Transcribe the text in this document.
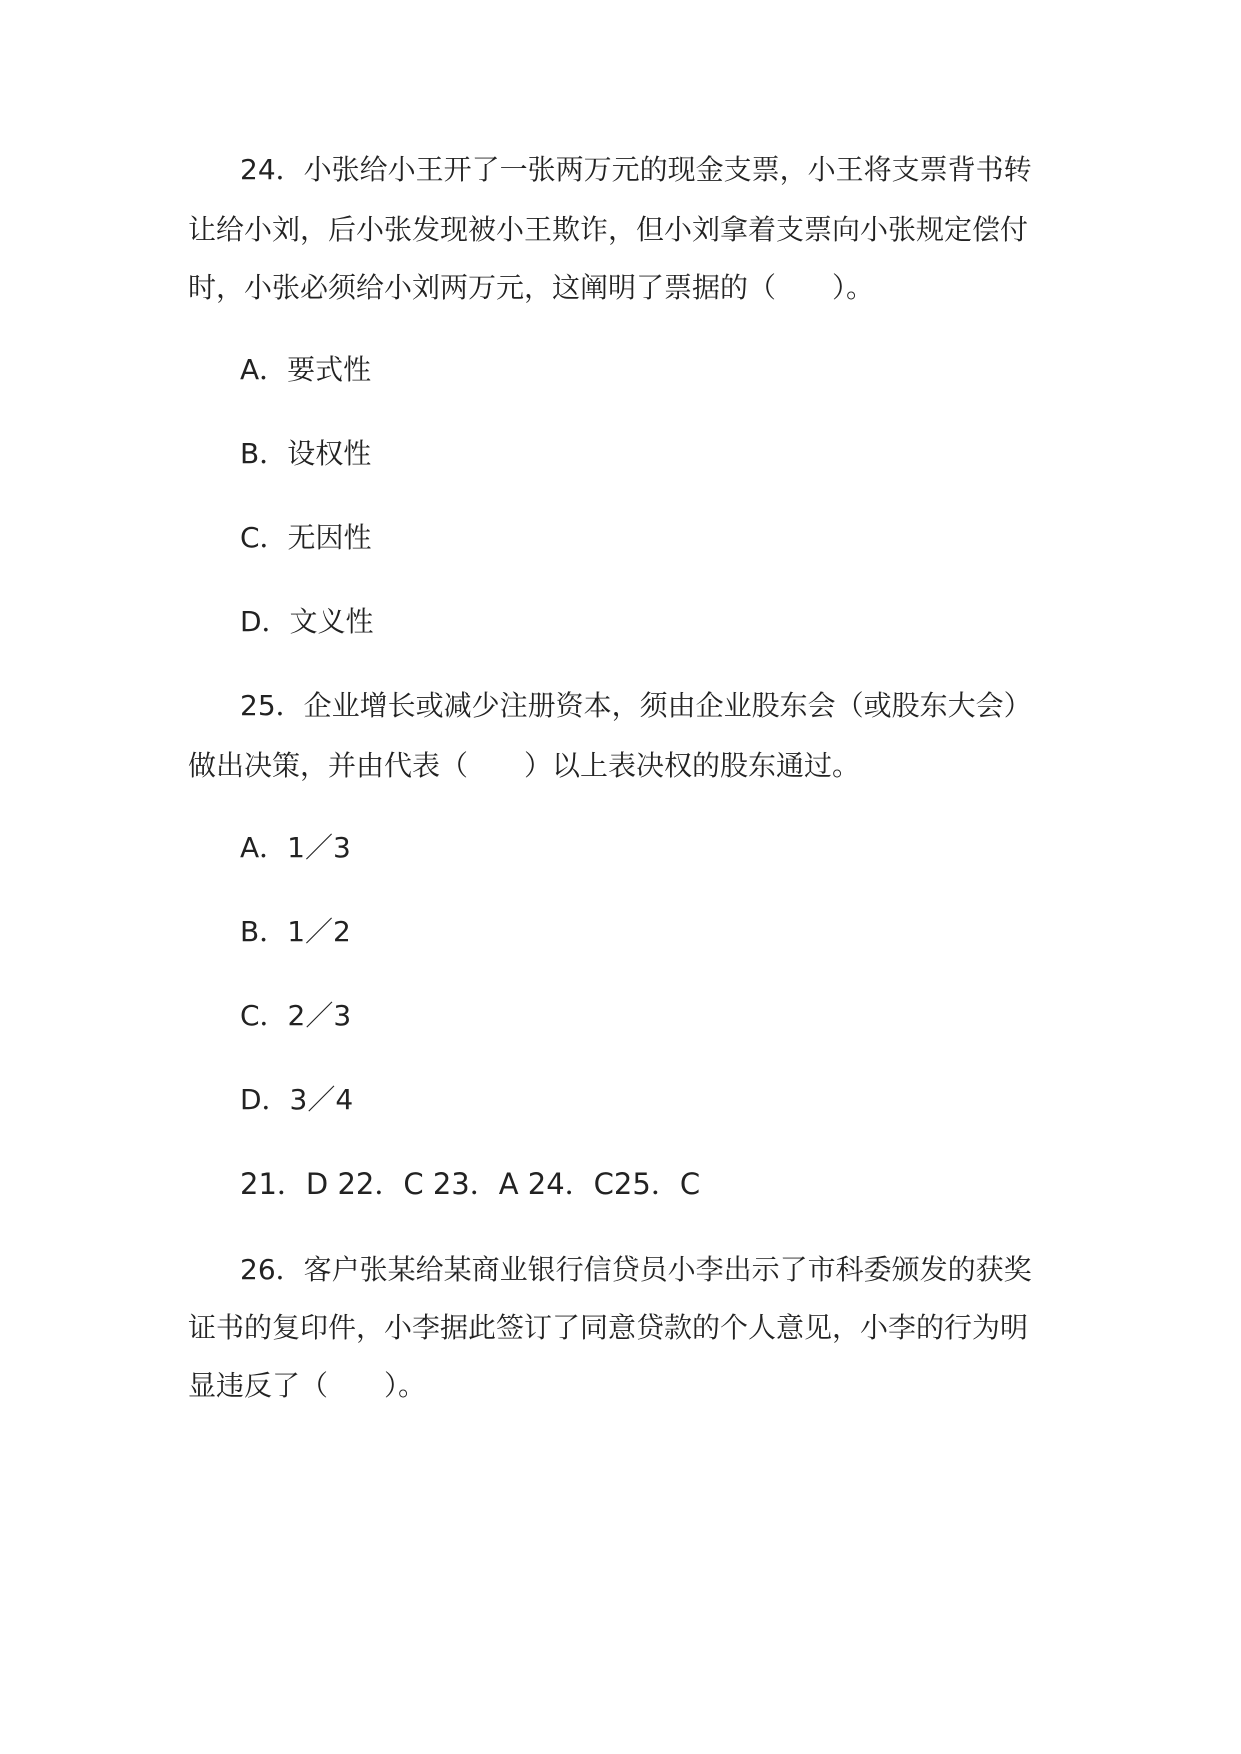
24．小张给小王开了一张两万元的现金支票，小王将支票背书转
让给小刘，后小张发现被小王欺诈，但小刘拿着支票向小张规定偿付
时，小张必须给小刘两万元，这阐明了票据的（　　）。
A．要式性
B．设权性
C．无因性
D．文义性
25．企业增长或减少注册资本，须由企业股东会（或股东大会）
做出决策，并由代表（　　）以上表决权的股东通过。
A．1／3
B．1／2
C．2／3
D．3／4
21．D 22．C 23．A 24．C25．C
26．客户张某给某商业银行信贷员小李出示了市科委颁发的获奖
证书的复印件，小李据此签订了同意贷款的个人意见，小李的行为明
显违反了（　　）。
